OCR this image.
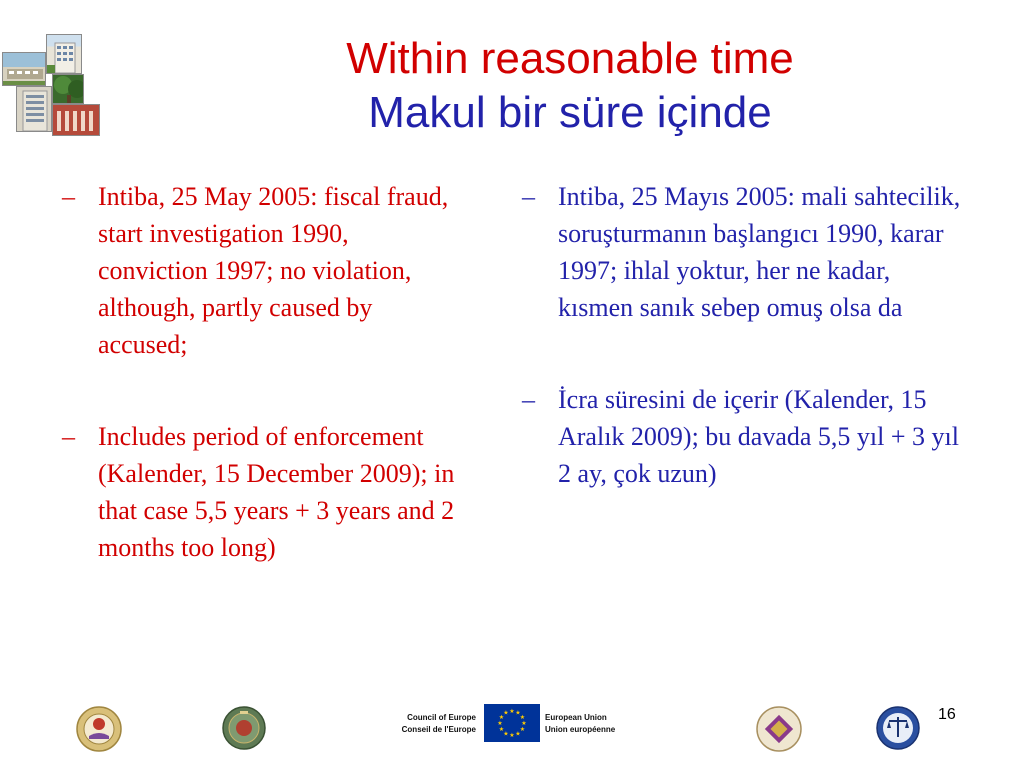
Within reasonable time
Makul bir süre içinde
– Intiba, 25 May 2005: fiscal fraud, start investigation 1990, conviction 1997; no violation, although, partly caused by accused;
– Includes period of enforcement (Kalender, 15 December 2009); in that case 5,5 years + 3 years and 2 months too long)
– Intiba, 25 Mayıs 2005: mali sahtecilik, soruşturmanın başlangıcı 1990, karar 1997; ihlal yoktur, her ne kadar, kısmen sanık sebep omuş olsa da
– İcra süresini de içerir (Kalender, 15 Aralık 2009); bu davada 5,5 yıl + 3 yıl 2 ay, çok uzun)
Council of Europe
Conseil de l'Europe
★ ★
★
★
★
★
★
★
★
★
★
★	European Union
Union européenne
16
